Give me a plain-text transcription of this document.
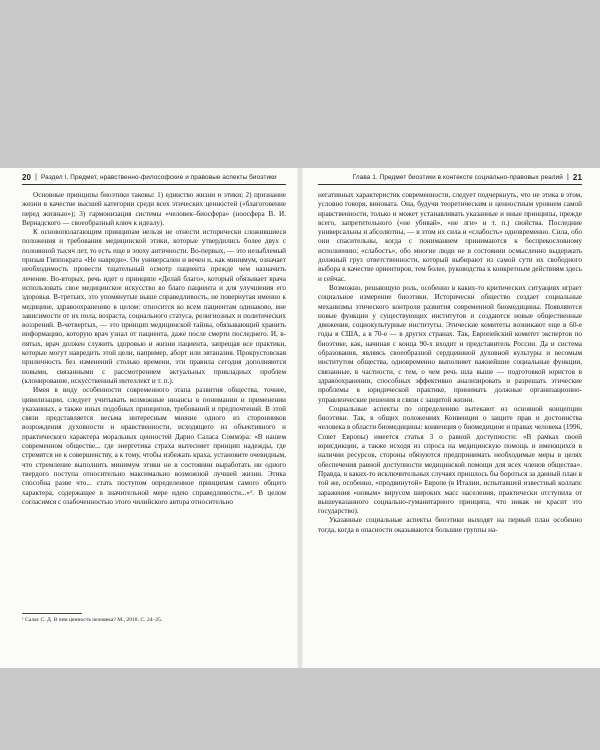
20 | Раздел I. Предмет, нравственно-философские и правовые аспекты биоэтики

Основные принципы биоэтики таковы: 1) единство жизни и этики; 2) признание жизни в качестве высшей категории среди всех этических ценностей («благоговение перед жизнью»); 3) гармонизация системы «человек–биосфера» (ноосфера В. И. Вернадского — своеобразный ключ к идеалу).

К основополагающим принципам нельзя не отнести исторически сложившиеся положения и требования медицинской этики, которые утвердились более двух с половиной тысяч лет, то есть еще в эпоху античности. Во-первых, — это незыблемый призыв Гиппократа «Не навреди». Он универсален и вечен и, как минимум, означает необходимость провести тщательный осмотр пациента прежде чем назначить лечение. Во-вторых, речь идет о принципе «Делай благо», который обязывает врача использовать свое медицинское искусство во благо пациента и для улучшения его здоровья. В-третьих, это упомянутые выше справедливость, не повернутая именно к медицине, здравоохранению в целом: относится ко всем пациентам одинаково, вне зависимости от их пола, возраста, социального статуса, религиозных и политических воззрений. В-четвертых, — это принцип медицинской тайны, обязывающий хранить информацию, которую врач узнал от пациента, даже после смерти последнего. И, в-пятых, врач должен служить здоровью и жизни пациента, запрещая все практики, которые могут навредить этой цели, например, аборт или эвтаназия. Прокрустовская приличность без изменений столько времени, эти правила сегодня дополняются новыми, связанными с рассмотрением актуальных прикладных проблем (клонирование, искусственный интеллект и т. п.).

Имея в виду особенности современного этапа развития общества, точнее, цивилизации, следует учитывать возможные нюансы в понимании и применении указанных, а также иных подобных принципов, требований и предпочтений. В этой связи представляется весьма интересным мнение одного из сторонников возрождения духовности и нравственности, исходящего из объективного и практического характера моральных ценностей Дарио Саласа Соммэра: «В нашем современном обществе... где энергетика страха вытесняет принцип надежды, где стремятся не к совершенству, а к тому, чтобы избежать краха, установите очевидным, что стремление выполнить минимум этики не в состоянии выработать ни одного твердого поступа относительно максимально возможной лучшей жизни. Этика способна разве что... стать поступом определенное принципам самого общего характера, содержащее в значительной мере идею справедливости...»¹. В целом согласимся с озабоченностью этого чилийского автора относительно

¹ Салас С. Д. В чем ценность человека? М., 2018. С. 24–25.
Глава 1. Предмет биоэтики в контексте социально-правовых реалий | 21

негативных характеристик современности, следует подчеркнуть, что не этика в этом, условно говоря, виновата. Она, будучи теоретическим и ценностным уровнем самой нравственности, только и может устанавливать указанные и иные принципы, прежде всего, запретительного («не убивай», «не лги» и т. п.) свойства. Последние универсальны и абсолютны, — в этом их сила и «слабость» одновременно. Сила, обо они спасительны, когда с пониманием принимаются к беспрекословному исполнению; «слабость», обо многие люди не в состоянии осмысленно выдержать должный груз ответственности, который выбирают из самой сути их свободного выбора в качестве ориентиров, тем более, руководства к конкретным действиям здесь и сейчас.

Возможно, решающую роль, особенно в каких-то критических ситуациях играет социальное измерение биоэтики. Исторически общество создает социальные механизмы этического контроля развития современной биомедицины. Появляются новые функции у существующих институтов и создаются новые общественные движения, социокультурные институты. Этические комитеты возникают еще в 60-е годы в США, а в 70-е — в других странах. Так, Европейский комитет экспертов по биоэтике, как, начиная с конца 90-х входит и представитель России. Да и система образования, являясь своеобразной сердцевиной духовной культуры и весомым институтом общества, одновременно выполняет важнейшие социальные функции, связанные, в частности, с тем, о чем речь шла выше — подготовкой юристов в здравоохранении, способных эффективно анализировать и разрешать этические проблемы в юридической практике, принимать должные организационно-управленческие решения в связи с защитой жизни.

Социальные аспекты по определению вытекают из основной концепции биоэтики. Так, в общих положениях Конвенции о защите прав и достоинства человека в области биомедицины: конвенция о биомедицине и правах человека (1996, Совет Европы) имеется статья 3 о равной доступности: «В рамках своей юрисдикции, а также исходя из спроса на медицинскую помощь и имеющихся в наличии ресурсов, стороны обязуются предпринимать необходимые меры в целях обеспечения равной доступности медицинской помощи для всех членов общества». Правда, в каких-то исключительных случаях пришлось бы бороться за данный план в той же, особенно, «продвинутой» Европе (в Италии, испытавшей известный коллапс заражения «новым» вирусом широких масс населения, практически отступила от вышеуказанного социально-гуманитарного принципа, что никак не красит это государство).

Указанные социальные аспекты биоэтики выходят на первый план особенно тогда, когда в опасности оказываются большие группы на-
